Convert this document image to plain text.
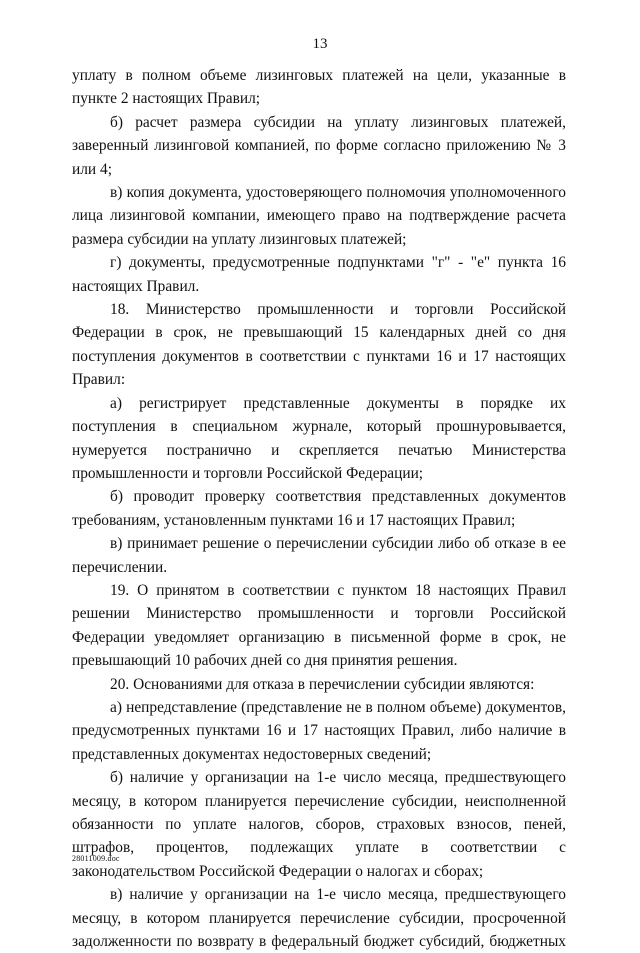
13

уплату в полном объеме лизинговых платежей на цели, указанные в пункте 2 настоящих Правил;

б) расчет размера субсидии на уплату лизинговых платежей, заверенный лизинговой компанией, по форме согласно приложению № 3 или 4;

в) копия документа, удостоверяющего полномочия уполномоченного лица лизинговой компании, имеющего право на подтверждение расчета размера субсидии на уплату лизинговых платежей;

г) документы, предусмотренные подпунктами "г" - "е" пункта 16 настоящих Правил.

18. Министерство промышленности и торговли Российской Федерации в срок, не превышающий 15 календарных дней со дня поступления документов в соответствии с пунктами 16 и 17 настоящих Правил:

а) регистрирует представленные документы в порядке их поступления в специальном журнале, который прошнуровывается, нумеруется постранично и скрепляется печатью Министерства промышленности и торговли Российской Федерации;

б) проводит проверку соответствия представленных документов требованиям, установленным пунктами 16 и 17 настоящих Правил;

в) принимает решение о перечислении субсидии либо об отказе в ее перечислении.

19. О принятом в соответствии с пунктом 18 настоящих Правил решении Министерство промышленности и торговли Российской Федерации уведомляет организацию в письменной форме в срок, не превышающий 10 рабочих дней со дня принятия решения.

20. Основаниями для отказа в перечислении субсидии являются:

а) непредставление (представление не в полном объеме) документов, предусмотренных пунктами 16 и 17 настоящих Правил, либо наличие в представленных документах недостоверных сведений;

б) наличие у организации на 1-е число месяца, предшествующего месяцу, в котором планируется перечисление субсидии, неисполненной обязанности по уплате налогов, сборов, страховых взносов, пеней, штрафов, процентов, подлежащих уплате в соответствии с законодательством Российской Федерации о налогах и сборах;

в) наличие у организации на 1-е число месяца, предшествующего месяцу, в котором планируется перечисление субсидии, просроченной задолженности по возврату в федеральный бюджет субсидий, бюджетных

28011009.doc
